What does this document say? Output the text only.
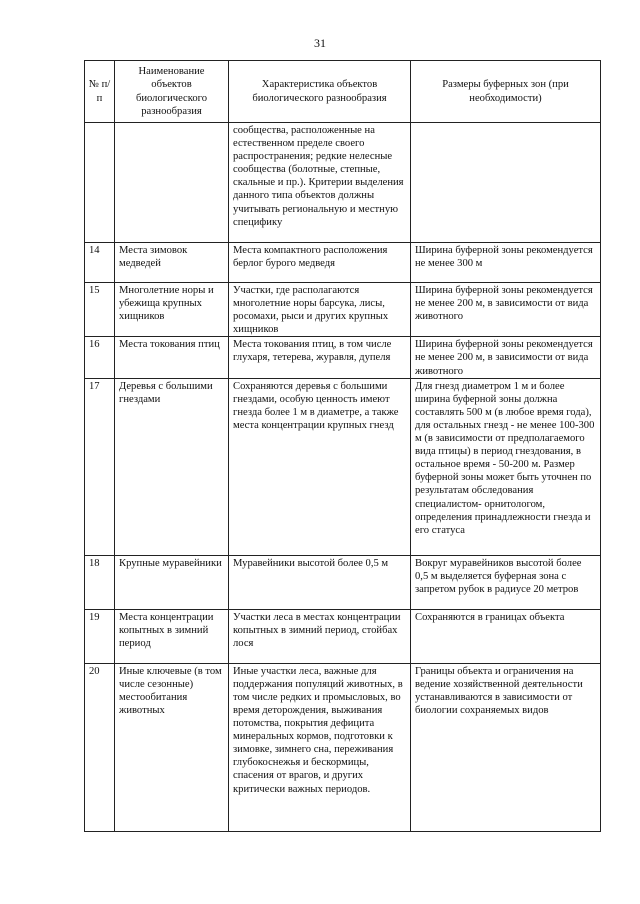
31
№ п/п	Наименование объектов биологического разнообразия	Характеристика объектов биологического разнообразия	Размеры буферных зон (при необходимости)
		сообщества, расположенные на естественном пределе своего распространения; редкие нелесные сообщества (болотные, степные, скальные и пр.). Критерии выделения данного типа объектов должны учитывать региональную и местную специфику	
14	Места зимовок медведей	Места компактного расположения берлог бурого медведя	Ширина буферной зоны рекомендуется не менее 300 м
15	Многолетние норы и убежища крупных хищников	Участки, где располагаются многолетние норы барсука, лисы, росомахи, рыси и других крупных хищников	Ширина буферной зоны рекомендуется не менее 200 м, в зависимости от вида животного
16	Места токования птиц	Места токования птиц, в том числе глухаря, тетерева, журавля, дупеля	Ширина буферной зоны рекомендуется не менее 200 м, в зависимости от вида животного
17	Деревья с большими гнездами	Сохраняются деревья с большими гнездами, особую ценность имеют гнезда более 1 м в диаметре, а также места концентрации крупных гнезд	Для гнезд диаметром 1 м и более ширина буферной зоны должна составлять 500 м (в любое время года), для остальных гнезд - не менее 100-300 м (в зависимости от предполагаемого вида птицы) в период гнездования, в остальное время - 50-200 м. Размер буферной зоны может быть уточнен по результатам обследования специалистом- орнитологом, определения принадлежности гнезда и его статуса
18	Крупные муравейники	Муравейники высотой более 0,5 м	Вокруг муравейников высотой более 0,5 м выделяется буферная зона с запретом рубок в радиусе 20 метров
19	Места концентрации копытных в зимний период	Участки леса в местах концентрации копытных в зимний период, стойбах лося	Сохраняются в границах объекта
20	Иные ключевые (в том числе сезонные) местообитания животных	Иные участки леса, важные для поддержания популяций животных, в том числе редких и промысловых, во время деторождения, выживания потомства, покрытия дефицита минеральных кормов, подготовки к зимовке, зимнего сна, переживания глубокоснежья и бескормицы, спасения от врагов, и других критически важных периодов.	Границы объекта и ограничения на ведение хозяйственной деятельности устанавливаются в зависимости от биологии сохраняемых видов
